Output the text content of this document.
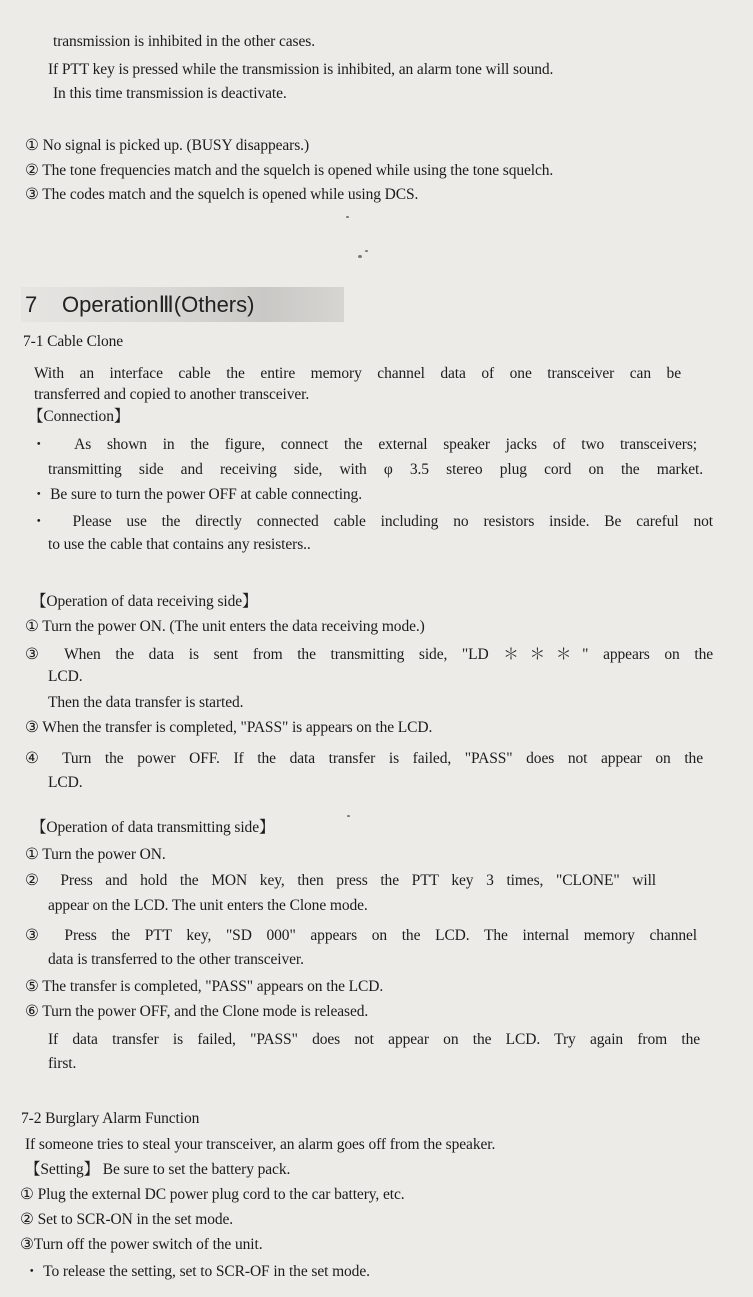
transmission is inhibited in the other cases.
If PTT key is pressed while the transmission is inhibited, an alarm tone will sound.
In this time transmission is deactivate.
① No signal is picked up. (BUSY disappears.)
② The tone frequencies match and the squelch is opened while using the tone squelch.
③ The codes match and the squelch is opened while using DCS.
7 OperationⅢ(Others)
7-1 Cable Clone
With an interface cable the entire memory channel data of one transceiver can be
transferred and copied to another transceiver.
【Connection】
・ As shown in the figure, connect the external speaker jacks of two transceivers;
transmitting side and receiving side, with φ 3.5 stereo plug cord on the market.
・ Be sure to turn the power OFF at cable connecting.
・ Please use the directly connected cable including no resistors inside. Be careful not
to use the cable that contains any resisters..
【Operation of data receiving side】
① Turn the power ON. (The unit enters the data receiving mode.)
③ When the data is sent from the transmitting side, "LD ＊＊＊" appears on the
LCD.
Then the data transfer is started.
③ When the transfer is completed, "PASS" is appears on the LCD.
④ Turn the power OFF. If the data transfer is failed, "PASS" does not appear on the
LCD.
【Operation of data transmitting side】
① Turn the power ON.
② Press and hold the MON key, then press the PTT key 3 times, "CLONE" will
appear on the LCD. The unit enters the Clone mode.
③ Press the PTT key, "SD 000" appears on the LCD. The internal memory channel
data is transferred to the other transceiver.
⑤ The transfer is completed, "PASS" appears on the LCD.
⑥ Turn the power OFF, and the Clone mode is released.
If data transfer is failed, "PASS" does not appear on the LCD. Try again from the
first.
7-2 Burglary Alarm Function
If someone tries to steal your transceiver, an alarm goes off from the speaker.
【Setting】 Be sure to set the battery pack.
① Plug the external DC power plug cord to the car battery, etc.
② Set to SCR-ON in the set mode.
③Turn off the power switch of the unit.
・ To release the setting, set to SCR-OF in the set mode.
